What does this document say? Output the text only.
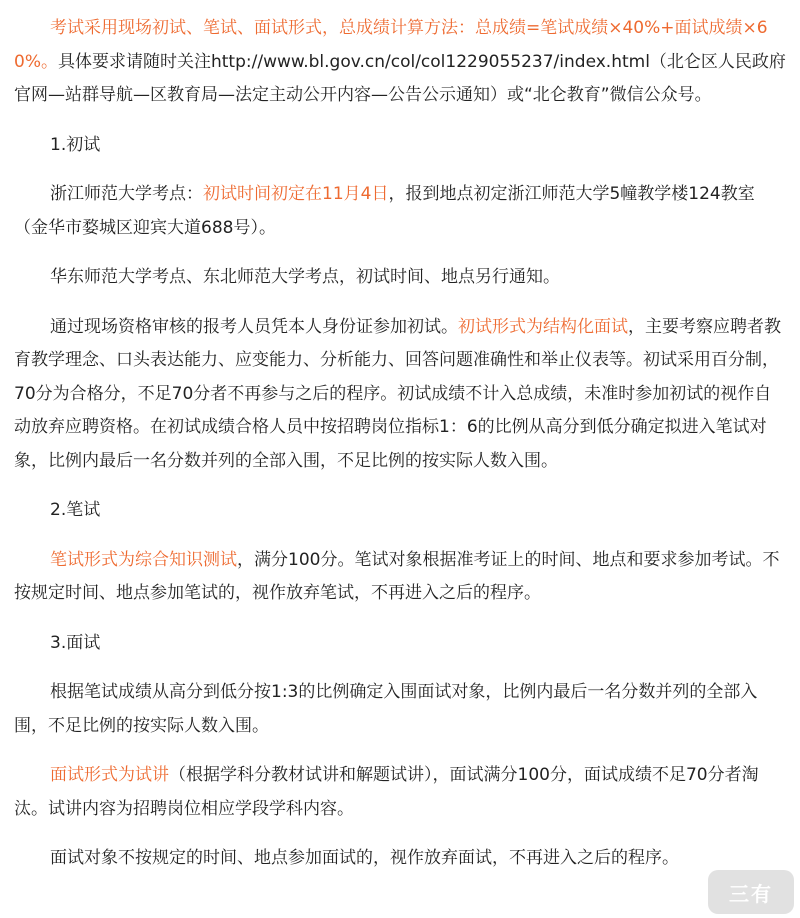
考试采用现场初试、笔试、面试形式，总成绩计算方法：总成绩=笔试成绩×40%+面试成绩×60%。具体要求请随时关注http://www.bl.gov.cn/col/col1229055237/index.html（北仑区人民政府官网—站群导航—区教育局—法定主动公开内容—公告公示通知）或“北仑教育”微信公众号。

1.初试

浙江师范大学考点：初试时间初定在11月4日，报到地点初定浙江师范大学5幢教学楼124教室（金华市婺城区迎宾大道688号）。

华东师范大学考点、东北师范大学考点，初试时间、地点另行通知。

通过现场资格审核的报考人员凭本人身份证参加初试。初试形式为结构化面试，主要考察应聘者教育教学理念、口头表达能力、应变能力、分析能力、回答问题准确性和举止仪表等。初试采用百分制，70分为合格分，不足70分者不再参与之后的程序。初试成绩不计入总成绩，未准时参加初试的视作自动放弃应聘资格。在初试成绩合格人员中按招聘岗位指标1：6的比例从高分到低分确定拟进入笔试对象，比例内最后一名分数并列的全部入围，不足比例的按实际人数入围。

2.笔试

笔试形式为综合知识测试，满分100分。笔试对象根据准考证上的时间、地点和要求参加考试。不按规定时间、地点参加笔试的，视作放弃笔试，不再进入之后的程序。

3.面试

根据笔试成绩从高分到低分按1:3的比例确定入围面试对象，比例内最后一名分数并列的全部入围，不足比例的按实际人数入围。

面试形式为试讲（根据学科分教材试讲和解题试讲），面试满分100分，面试成绩不足70分者淘汰。试讲内容为招聘岗位相应学段学科内容。

面试对象不按规定的时间、地点参加面试的，视作放弃面试，不再进入之后的程序。

三有
